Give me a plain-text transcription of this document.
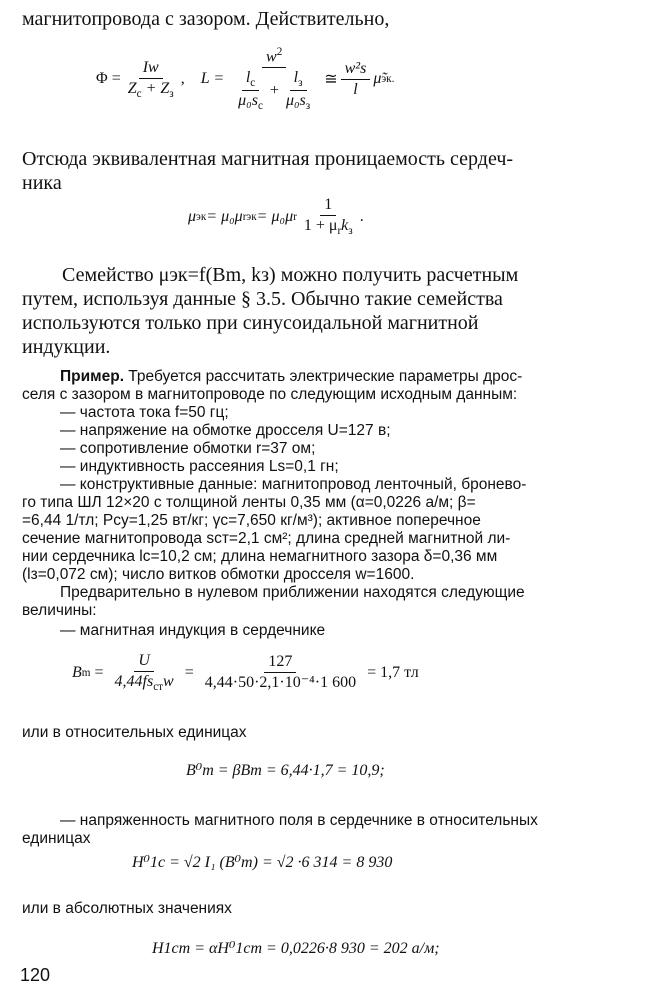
магнитопровода с зазором. Действительно,
$\Phi = \frac{Iw}{Z_c + Z_з}$ , L =
$w^2$
$\frac{l_c}{\mu_0s_c} + \frac{l_з}{\mu_0s_з}$ ≅ $\frac{\text{w²s}}{l}$ μ̃ эк.
Отсюда эквивалентная магнитная проницаемость сердеч-
ника
μ эк = μ₀μ rэк = μ₀μ r $\frac{1}{1 + \mu_rk_з}$ .
Семейство μэк=f(Bm, kз) можно получить расчетным
путем, используя данные § 3.5. Обычно такие семейства
используются только при синусоидальной магнитной
индукции.
Пример. Требуется рассчитать электрические параметры дрос-
селя с зазором в магнитопроводе по следующим исходным данным:
— частота тока f=50 гц;
— напряжение на обмотке дросселя U=127 в;
— сопротивление обмотки r=37 ом;
— индуктивность рассеяния Ls=0,1 гн;
— конструктивные данные: магнитопровод ленточный, бронево-
го типа ШЛ 12×20 с толщиной ленты 0,35 мм (α=0,0226 а/м; β=
=6,44 1/тл; Pсу=1,25 вт/кг; γc=7,650 кг/м³); активное поперечное
сечение магнитопровода sст=2,1 см²; длина средней магнитной ли-
нии сердечника lc=10,2 см; длина немагнитного зазора δ=0,36 мм
(lз=0,072 см); число витков обмотки дросселя w=1600.
Предварительно в нулевом приближении находятся следующие
величины:
— магнитная индукция в сердечнике
B $m = \frac{U}{4,44fs_{ст}w} = \frac{127}{\text{4,44·50·2,1·10⁻⁴·1 600}} = 1,7$ тл
или в относительных единицах
B⁰m = βBm = 6,44·1,7 = 10,9;
— напряженность магнитного поля в сердечнике в относительных
единицах
H⁰1c = √2 I₁ (B⁰m) = √2 ·6 314 = 8 930
или в абсолютных значениях
H1ст = αH⁰1ст = 0,0226·8 930 = 202 а/м;
120
